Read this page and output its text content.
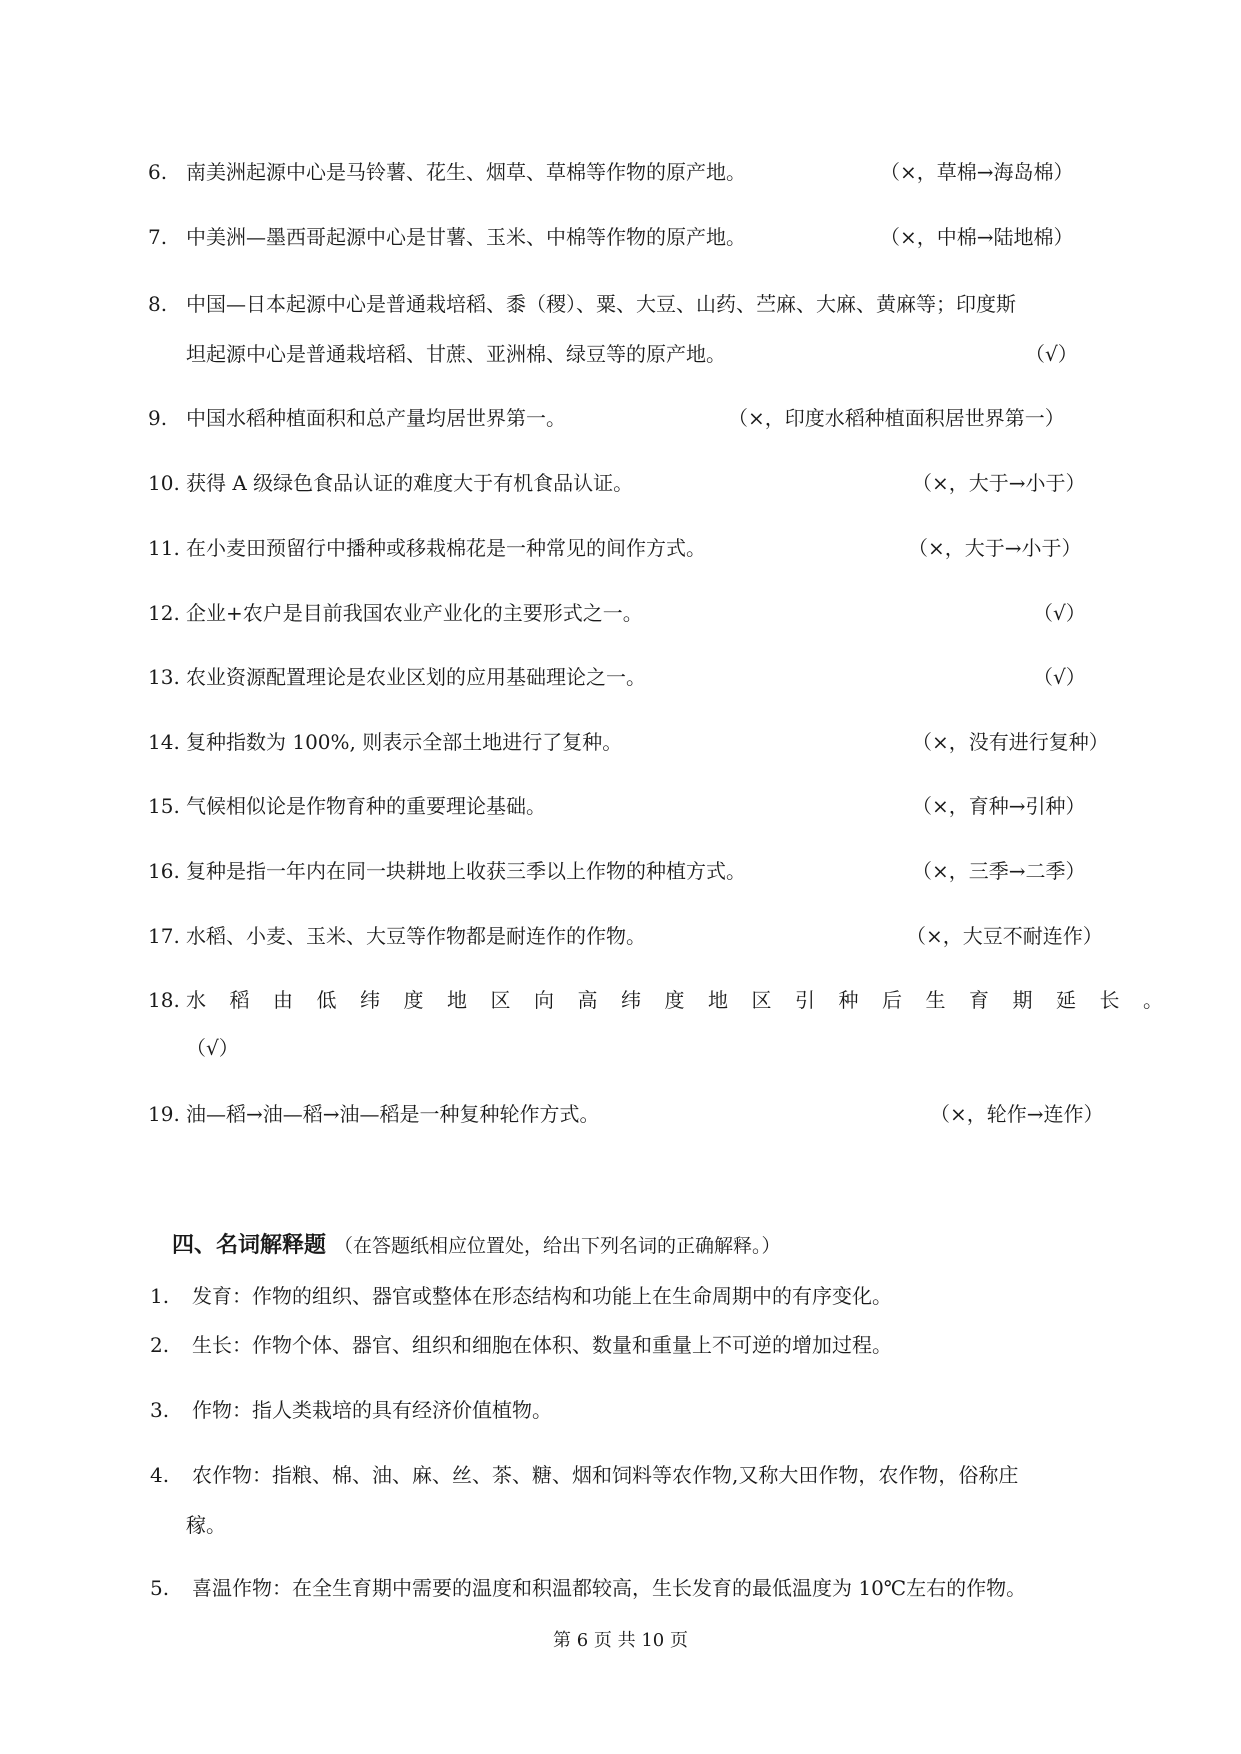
6. 南美洲起源中心是马铃薯、花生、烟草、草棉等作物的原产地。	（×，草棉→海岛棉）
7. 中美洲—墨西哥起源中心是甘薯、玉米、中棉等作物的原产地。	（×，中棉→陆地棉）
8. 中国—日本起源中心是普通栽培稻、黍（稷）、粟、大豆、山药、苎麻、大麻、黄麻等；印度斯
坦起源中心是普通栽培稻、甘蔗、亚洲棉、绿豆等的原产地。	（√）
9. 中国水稻种植面积和总产量均居世界第一。	（×，印度水稻种植面积居世界第一）
10. 获得 A 级绿色食品认证的难度大于有机食品认证。	（×，大于→小于）
11. 在小麦田预留行中播种或移栽棉花是一种常见的间作方式。	（×，大于→小于）
12. 企业+农户是目前我国农业产业化的主要形式之一。	（√）
13. 农业资源配置理论是农业区划的应用基础理论之一。	（√）
14. 复种指数为 100%, 则表示全部土地进行了复种。	（×，没有进行复种）
15. 气候相似论是作物育种的重要理论基础。	（×，育种→引种）
16. 复种是指一年内在同一块耕地上收获三季以上作物的种植方式。	（×，三季→二季）
17. 水稻、小麦、玉米、大豆等作物都是耐连作的作物。	（×，大豆不耐连作）
18. 水稻由低纬度地区向高纬度地区引种后生育期延长。
（√）
19. 油—稻→油—稻→油—稻是一种复种轮作方式。	（×，轮作→连作）
四、名词解释题 （在答题纸相应位置处，给出下列名词的正确解释。）
1. 发育：作物的组织、器官或整体在形态结构和功能上在生命周期中的有序变化。
2. 生长：作物个体、器官、组织和细胞在体积、数量和重量上不可逆的增加过程。
3. 作物：指人类栽培的具有经济价值植物。
4. 农作物：指粮、棉、油、麻、丝、茶、糖、烟和饲料等农作物,又称大田作物，农作物，俗称庄
稼。
5. 喜温作物：在全生育期中需要的温度和积温都较高，生长发育的最低温度为 10℃左右的作物。
第 6 页 共 10 页
